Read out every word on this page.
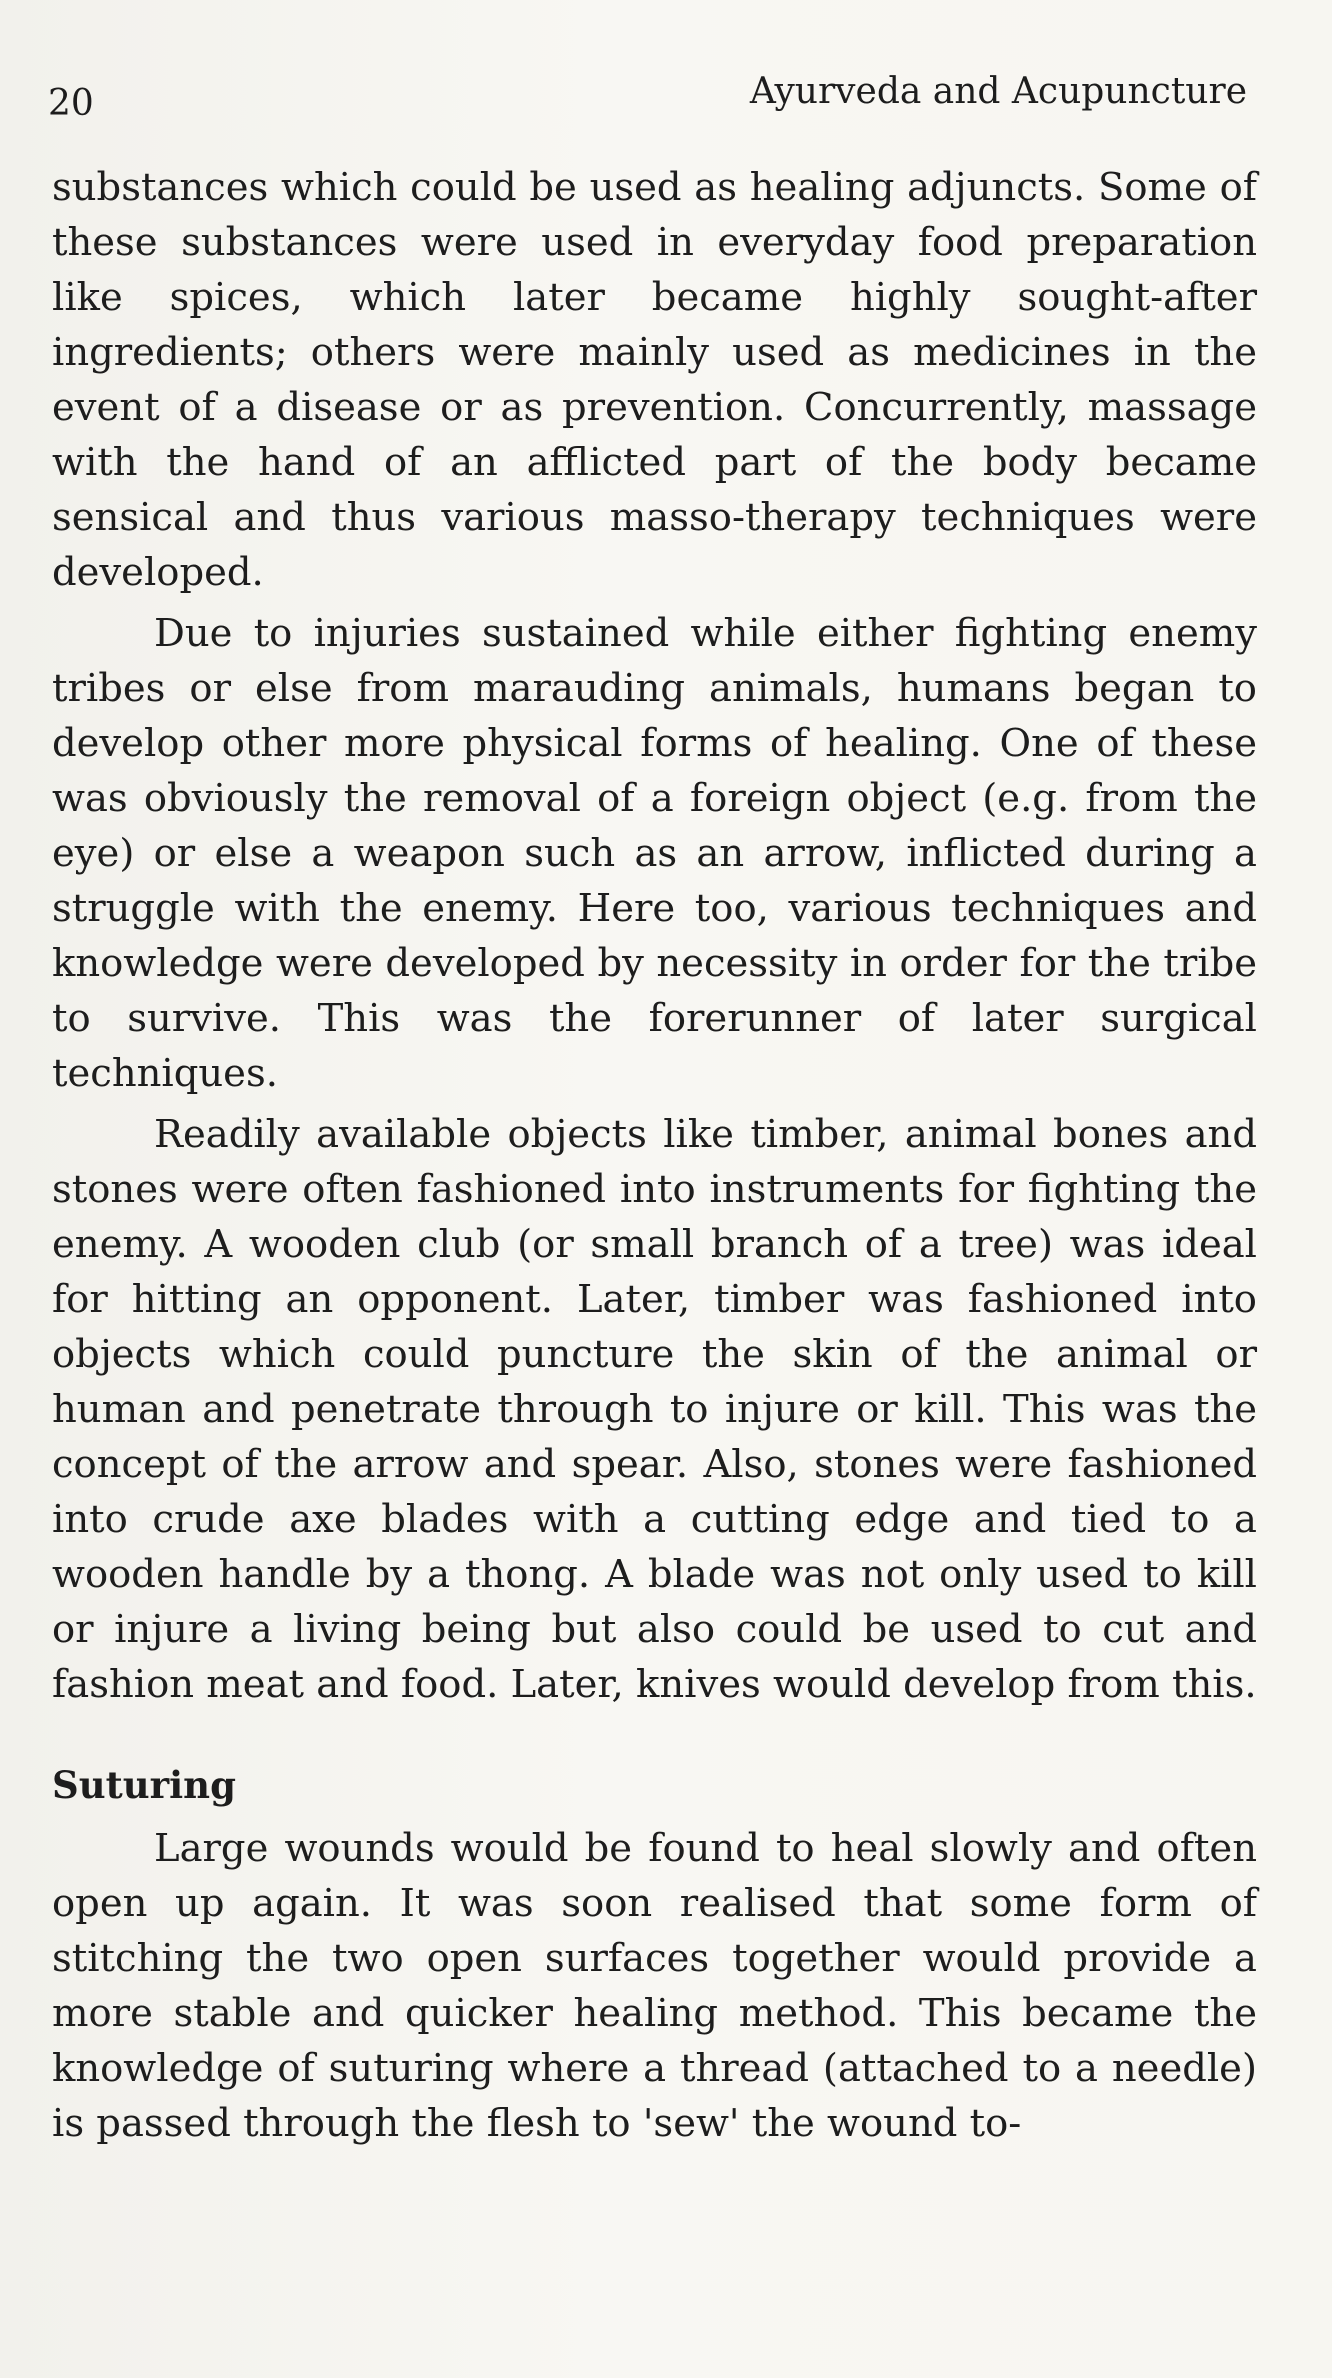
20	Ayurveda and Acupuncture

substances which could be used as healing adjuncts. Some of these substances were used in everyday food preparation like spices, which later became highly sought-after ingredients; others were mainly used as medicines in the event of a disease or as prevention. Concurrently, massage with the hand of an afflicted part of the body became sensical and thus various masso-therapy techniques were developed.

Due to injuries sustained while either fighting enemy tribes or else from marauding animals, humans began to develop other more physical forms of healing. One of these was obviously the removal of a foreign object (e.g. from the eye) or else a weapon such as an arrow, inflicted during a struggle with the enemy. Here too, various techniques and knowledge were developed by necessity in order for the tribe to survive. This was the forerunner of later surgical techniques.

Readily available objects like timber, animal bones and stones were often fashioned into instruments for fighting the enemy. A wooden club (or small branch of a tree) was ideal for hitting an opponent. Later, timber was fashioned into objects which could puncture the skin of the animal or human and penetrate through to injure or kill. This was the concept of the arrow and spear. Also, stones were fashioned into crude axe blades with a cutting edge and tied to a wooden handle by a thong. A blade was not only used to kill or injure a living being but also could be used to cut and fashion meat and food. Later, knives would develop from this.

Suturing

Large wounds would be found to heal slowly and often open up again. It was soon realised that some form of stitching the two open surfaces together would provide a more stable and quicker healing method. This became the knowledge of suturing where a thread (attached to a needle) is passed through the flesh to 'sew' the wound to-
